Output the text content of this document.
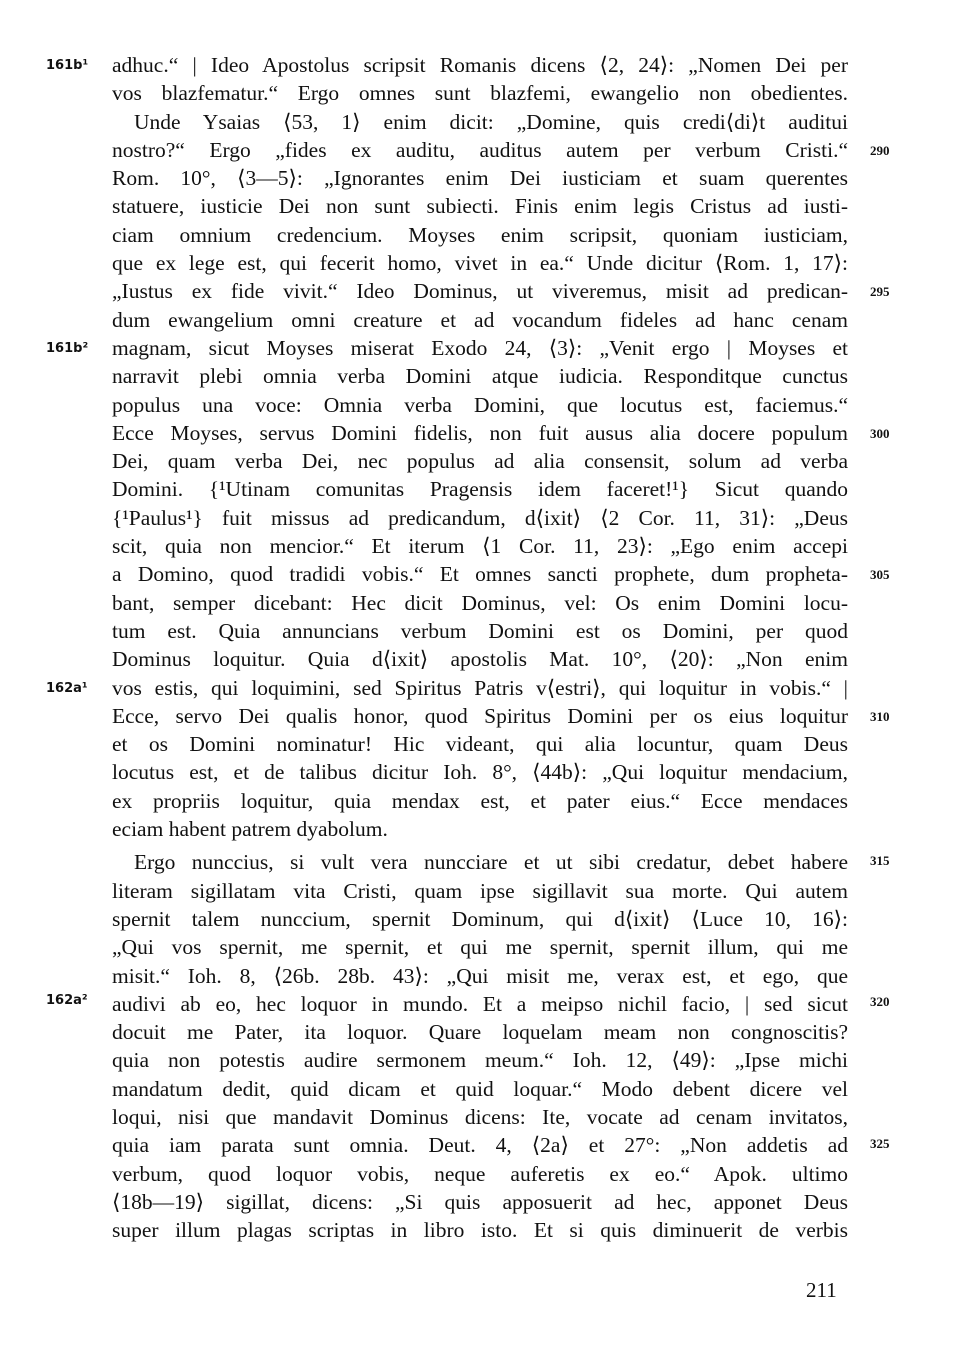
adhuc.“ | Ideo Apostolus scripsit Romanis dicens ⟨2, 24⟩: „Nomen Dei per
vos blazfematur.“ Ergo omnes sunt blazfemi, ewangelio non obedientes.
Unde Ysaias ⟨53, 1⟩ enim dicit: „Domine, quis credi⟨di⟩t auditui
nostro?“ Ergo „fides ex auditu, auditus autem per verbum Cristi.“
Rom. 10°, ⟨3—5⟩: „Ignorantes enim Dei iusticiam et suam querentes
statuere, iusticie Dei non sunt subiecti. Finis enim legis Cristus ad iusti-
ciam omnium credencium. Moyses enim scripsit, quoniam iusticiam,
que ex lege est, qui fecerit homo, vivet in ea.“ Unde dicitur ⟨Rom. 1, 17⟩:
„Iustus ex fide vivit.“ Ideo Dominus, ut viveremus, misit ad predican-
dum ewangelium omni creature et ad vocandum fideles ad hanc cenam
magnam, sicut Moyses miserat Exodo 24, ⟨3⟩: „Venit ergo | Moyses et
narravit plebi omnia verba Domini atque iudicia. Responditque cunctus
populus una voce: Omnia verba Domini, que locutus est, faciemus.“
Ecce Moyses, servus Domini fidelis, non fuit ausus alia docere populum
Dei, quam verba Dei, nec populus ad alia consensit, solum ad verba
Domini. {¹Utinam comunitas Pragensis idem faceret!¹} Sicut quando
{¹Paulus¹} fuit missus ad predicandum, d⟨ixit⟩ ⟨2 Cor. 11, 31⟩: „Deus
scit, quia non mencior.“ Et iterum ⟨1 Cor. 11, 23⟩: „Ego enim accepi
a Domino, quod tradidi vobis.“ Et omnes sancti prophete, dum propheta-
bant, semper dicebant: Hec dicit Dominus, vel: Os enim Domini locu-
tum est. Quia annuncians verbum Domini est os Domini, per quod
Dominus loquitur. Quia d⟨ixit⟩ apostolis Mat. 10°, ⟨20⟩: „Non enim
vos estis, qui loquimini, sed Spiritus Patris v⟨estri⟩, qui loquitur in vobis.“ |
Ecce, servo Dei qualis honor, quod Spiritus Domini per os eius loquitur
et os Domini nominatur! Hic videant, qui alia locuntur, quam Deus
locutus est, et de talibus dicitur Ioh. 8°, ⟨44b⟩: „Qui loquitur mendacium,
ex propriis loquitur, quia mendax est, et pater eius.“ Ecce mendaces
eciam habent patrem dyabolum.
Ergo nunccius, si vult vera nuncciare et ut sibi credatur, debet habere
literam sigillatam vita Cristi, quam ipse sigillavit sua morte. Qui autem
spernit talem nunccium, spernit Dominum, qui d⟨ixit⟩ ⟨Luce 10, 16⟩:
„Qui vos spernit, me spernit, et qui me spernit, spernit illum, qui me
misit.“ Ioh. 8, ⟨26b. 28b. 43⟩: „Qui misit me, verax est, et ego, que
audivi ab eo, hec loquor in mundo. Et a meipso nichil facio, | sed sicut
docuit me Pater, ita loquor. Quare loquelam meam non congnoscitis?
quia non potestis audire sermonem meum.“ Ioh. 12, ⟨49⟩: „Ipse michi
mandatum dedit, quid dicam et quid loquar.“ Modo debent dicere vel
loqui, nisi que mandavit Dominus dicens: Ite, vocate ad cenam invitatos,
quia iam parata sunt omnia. Deut. 4, ⟨2a⟩ et 27°: „Non addetis ad
verbum, quod loquor vobis, neque auferetis ex eo.“ Apok. ultimo
⟨18b—19⟩ sigillat, dicens: „Si quis apposuerit ad hec, apponet Deus
super illum plagas scriptas in libro isto. Et si quis diminuerit de verbis
161b¹
161b²
162a¹
162a²
290
295
300
305
310
315
320
325
211
